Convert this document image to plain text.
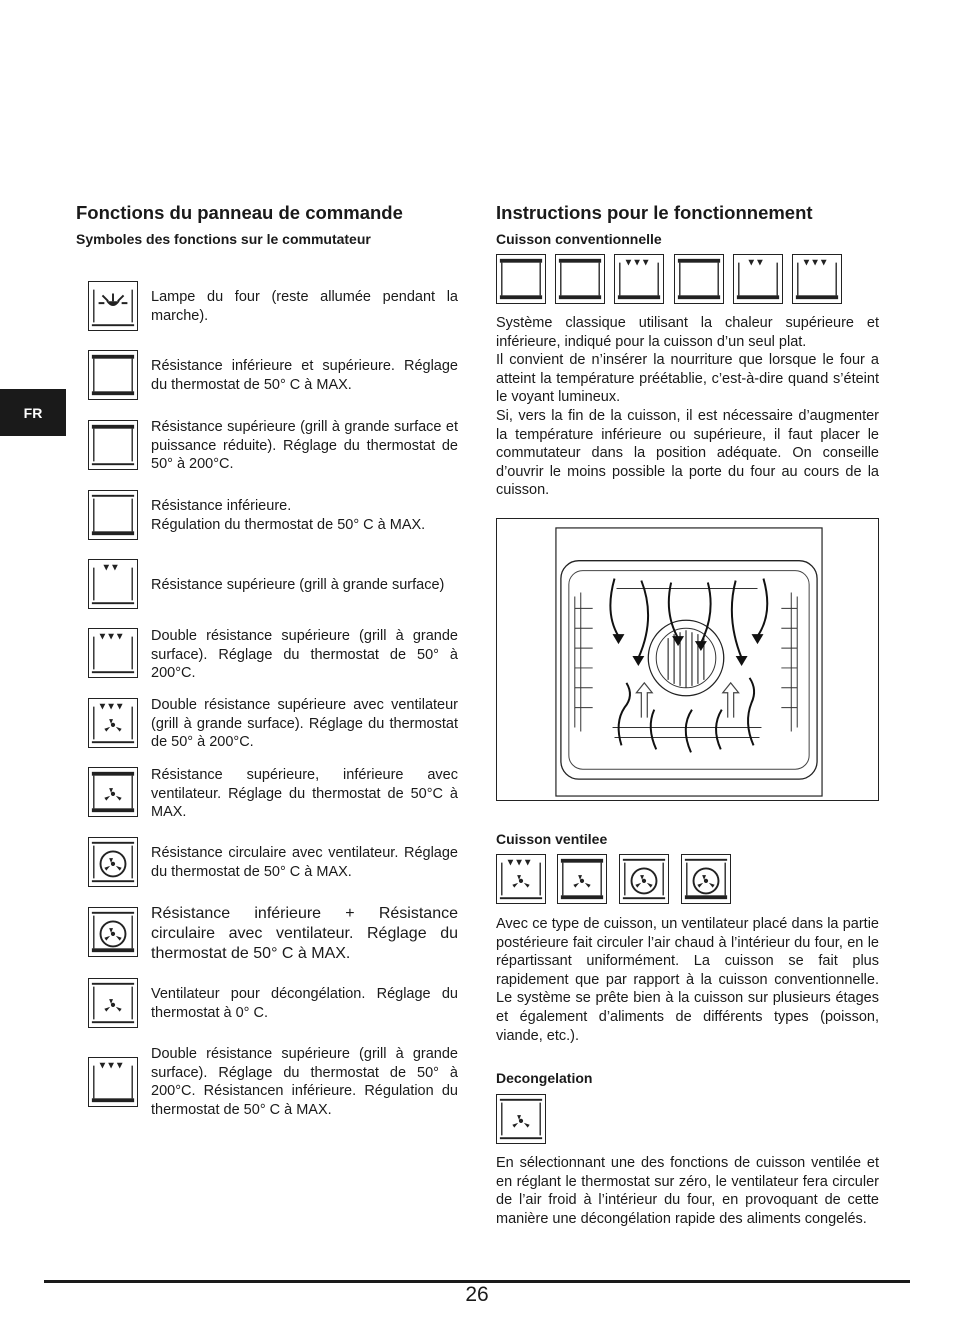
FR
Fonctions du panneau de commande
Symboles des fonctions sur le commutateur
Lampe du four (reste allumée pendant la marche).
Résistance inférieure et supérieure. Réglage du thermostat de 50° C à MAX.
Résistance supérieure (grill à grande surface et puissance réduite). Réglage du thermostat de 50° à 200°C.
Résistance inférieure.
Régulation du thermostat de 50° C à MAX.
Résistance supérieure (grill à grande surface)
Double résistance supérieure (grill à grande surface). Réglage du thermostat de 50° à 200°C.
Double résistance supérieure avec ventilateur (grill à grande surface). Réglage du thermostat de 50° à 200°C.
Résistance supérieure, inférieure avec ventilateur. Réglage du thermostat de 50°C à MAX.
Résistance circulaire avec ventilateur. Réglage du thermostat de 50° C à MAX.
Résistance inférieure + Résistance circulaire avec ventilateur. Réglage du thermostat de 50° C à MAX.
Ventilateur pour décongélation. Réglage du thermostat à 0° C.
Double résistance supérieure (grill à grande surface). Réglage du thermostat de 50° à 200°C. Résistancen inférieure. Régulation du thermostat de 50° C à MAX.
Instructions pour le fonctionnement
Cuisson conventionnelle
Système classique utilisant la chaleur supérieure et inférieure, indiqué pour la cuisson d’un seul plat.
Il convient de n’insérer la nourriture que lorsque le four a atteint la température préétablie, c’est-à-dire quand s’éteint le voyant lumineux.
Si, vers la fin de la cuisson, il est nécessaire d’augmenter la température inférieure ou supérieure, il faut placer le commutateur dans la position adéquate. On conseille d’ouvrir le moins possible la porte du four au cours de la cuisson.
Cuisson ventilee
Avec ce type de cuisson, un ventilateur placé dans la partie postérieure fait circuler l’air chaud à l’intérieur du four, en le répartissant uniformément. La cuisson se fait plus rapidement que par rapport à la cuisson conventionnelle. Le système se prête bien à la cuisson sur plusieurs étages et également d’aliments de différents types (poisson, viande, etc.).
Decongelation
En sélectionnant une des fonctions de cuisson ventilée et en réglant le thermostat sur zéro, le ventilateur fera circuler de l’air froid à l’intérieur du four, en provoquant de cette manière une décongélation rapide des aliments congelés.
26
